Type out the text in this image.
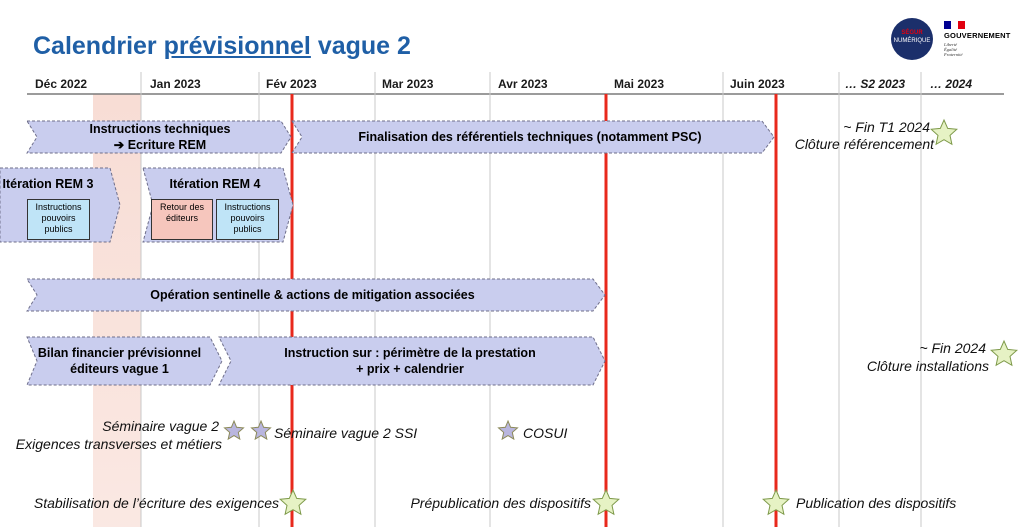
Calendrier prévisionnel vague 2	SÉGUR
NUMÉRIQUE
GOUVERNEMENT
Liberté
Égalité
Fraternité
Déc 2022	Jan 2023	Fév 2023	Mar 2023	Avr 2023	Mai 2023	Juin 2023	… S2 2023 … 2024
Instructions techniques
➔ Ecriture REM
Finalisation des référentiels techniques (notamment PSC)
Itération REM 3	Itération REM 4
Opération sentinelle & actions de mitigation associées
Bilan financier prévisionnel
éditeurs vague 1
Instruction sur : périmètre de la prestation
+ prix + calendrier
Instructions pouvoirs publics
Retour des éditeurs
Instructions pouvoirs publics
~ Fin T1 2024
Clôture référencement
~ Fin 2024
Clôture installations
Séminaire vague 2
Exigences transverses et métiers
Séminaire vague 2 SSI	COSUI
Stabilisation de l’écriture des exigences	Prépublication des dispositifs	Publication des dispositifs
